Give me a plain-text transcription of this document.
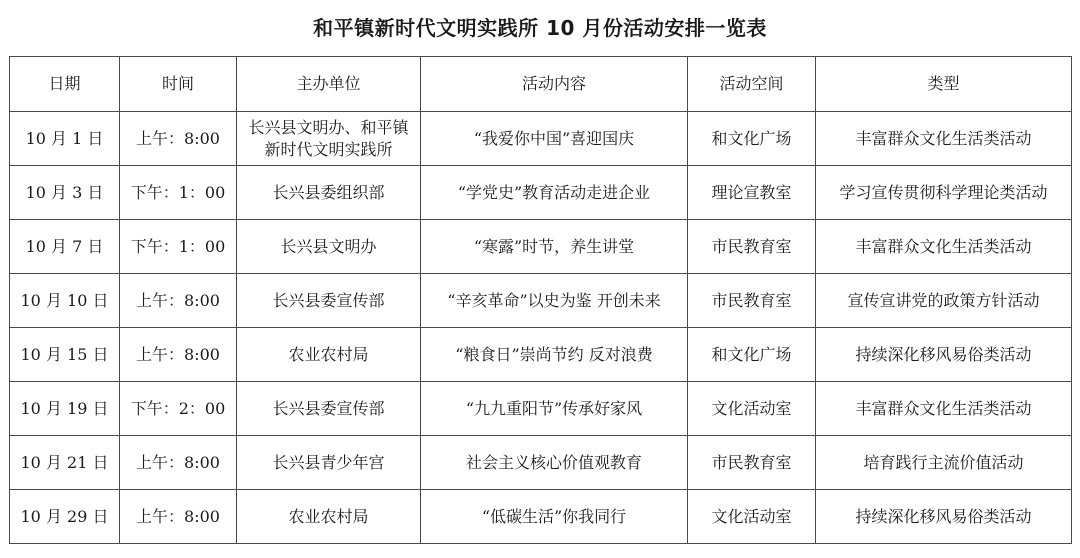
和平镇新时代文明实践所 10 月份活动安排一览表
日期	时间	主办单位	活动内容	活动空间	类型
10 月 1 日	上午：8:00	长兴县文明办、和平镇新时代文明实践所	“我爱你中国”喜迎国庆	和文化广场	丰富群众文化生活类活动
10 月 3 日	下午：1：00	长兴县委组织部	“学党史”教育活动走进企业	理论宣教室	学习宣传贯彻科学理论类活动
10 月 7 日	下午：1：00	长兴县文明办	“寒露”时节，养生讲堂	市民教育室	丰富群众文化生活类活动
10 月 10 日	上午：8:00	长兴县委宣传部	“辛亥革命”以史为鉴 开创未来	市民教育室	宣传宣讲党的政策方针活动
10 月 15 日	上午：8:00	农业农村局	“粮食日”崇尚节约 反对浪费	和文化广场	持续深化移风易俗类活动
10 月 19 日	下午：2：00	长兴县委宣传部	“九九重阳节”传承好家风	文化活动室	丰富群众文化生活类活动
10 月 21 日	上午：8:00	长兴县青少年宫	社会主义核心价值观教育	市民教育室	培育践行主流价值活动
10 月 29 日	上午：8:00	农业农村局	“低碳生活”你我同行	文化活动室	持续深化移风易俗类活动
